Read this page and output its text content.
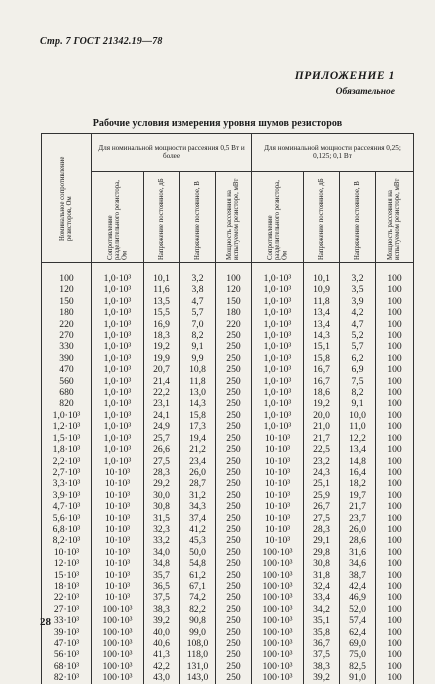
Стр. 7 ГОСТ 21342.19—78
ПРИЛОЖЕНИЕ 1
Обязательное
Рабочие условия измерения уровня шумов резисторов
Номинальное сопротивление резисторов, Ом	Для номинальной мощности рассеяния 0,5 Вт и более				Для номинальной мощности рассеяния 0,25; 0,125; 0,1 Вт			

	Сопротивление разделительного резистора, Ом	Напряжение постоянное, дБ	Напряжение постоянное, В	Мощность рассеяния на испытуемом резисторе, мВт	Сопротивление разделительного резистора, Ом	Напряжение постоянное, дБ	Напряжение постоянное, В	Мощность рассеяния на испытуемом резисторе, мВт

100	1,0·10³	10,1	3,2	100	1,0·10³	10,1	3,2	100
120	1,0·10³	11,6	3,8	120	1,0·10³	10,9	3,5	100
150	1,0·10³	13,5	4,7	150	1,0·10³	11,8	3,9	100
180	1,0·10³	15,5	5,7	180	1,0·10³	13,4	4,2	100
220	1,0·10³	16,9	7,0	220	1,0·10³	13,4	4,7	100
270	1,0·10³	18,3	8,2	250	1,0·10³	14,3	5,2	100
330	1,0·10³	19,2	9,1	250	1,0·10³	15,1	5,7	100
390	1,0·10³	19,9	9,9	250	1,0·10³	15,8	6,2	100
470	1,0·10³	20,7	10,8	250	1,0·10³	16,7	6,9	100
560	1,0·10³	21,4	11,8	250	1,0·10³	16,7	7,5	100
680	1,0·10³	22,2	13,0	250	1,0·10³	18,6	8,2	100
820	1,0·10³	23,1	14,3	250	1,0·10³	19,2	9,1	100
1,0·10³	1,0·10³	24,1	15,8	250	1,0·10³	20,0	10,0	100
1,2·10³	1,0·10³	24,9	17,3	250	1,0·10³	21,0	11,0	100
1,5·10³	1,0·10³	25,7	19,4	250	10·10³	21,7	12,2	100
1,8·10³	1,0·10³	26,6	21,2	250	10·10³	22,5	13,4	100
2,2·10³	1,0·10³	27,5	23,4	250	10·10³	23,2	14,8	100
2,7·10³	10·10³	28,3	26,0	250	10·10³	24,3	16,4	100
3,3·10³	10·10³	29,2	28,7	250	10·10³	25,1	18,2	100
3,9·10³	10·10³	30,0	31,2	250	10·10³	25,9	19,7	100
4,7·10³	10·10³	30,8	34,3	250	10·10³	26,7	21,7	100
5,6·10³	10·10³	31,5	37,4	250	10·10³	27,5	23,7	100
6,8·10³	10·10³	32,3	41,2	250	10·10³	28,3	26,0	100
8,2·10³	10·10³	33,2	45,3	250	10·10³	29,1	28,6	100
10·10³	10·10³	34,0	50,0	250	100·10³	29,8	31,6	100
12·10³	10·10³	34,8	54,8	250	100·10³	30,8	34,6	100
15·10³	10·10³	35,7	61,2	250	100·10³	31,8	38,7	100
18·10³	10·10³	36,5	67,1	250	100·10³	32,4	42,4	100
22·10³	10·10³	37,5	74,2	250	100·10³	33,4	46,9	100
27·10³	100·10³	38,3	82,2	250	100·10³	34,2	52,0	100
33·10³	100·10³	39,2	90,8	250	100·10³	35,1	57,4	100
39·10³	100·10³	40,0	99,0	250	100·10³	35,8	62,4	100
47·10³	100·10³	40,6	108,0	250	100·10³	36,7	69,0	100
56·10³	100·10³	41,3	118,0	250	100·10³	37,5	75,0	100
68·10³	100·10³	42,2	131,0	250	100·10³	38,3	82,5	100
82·10³	100·10³	43,0	143,0	250	100·10³	39,2	91,0	100
28
